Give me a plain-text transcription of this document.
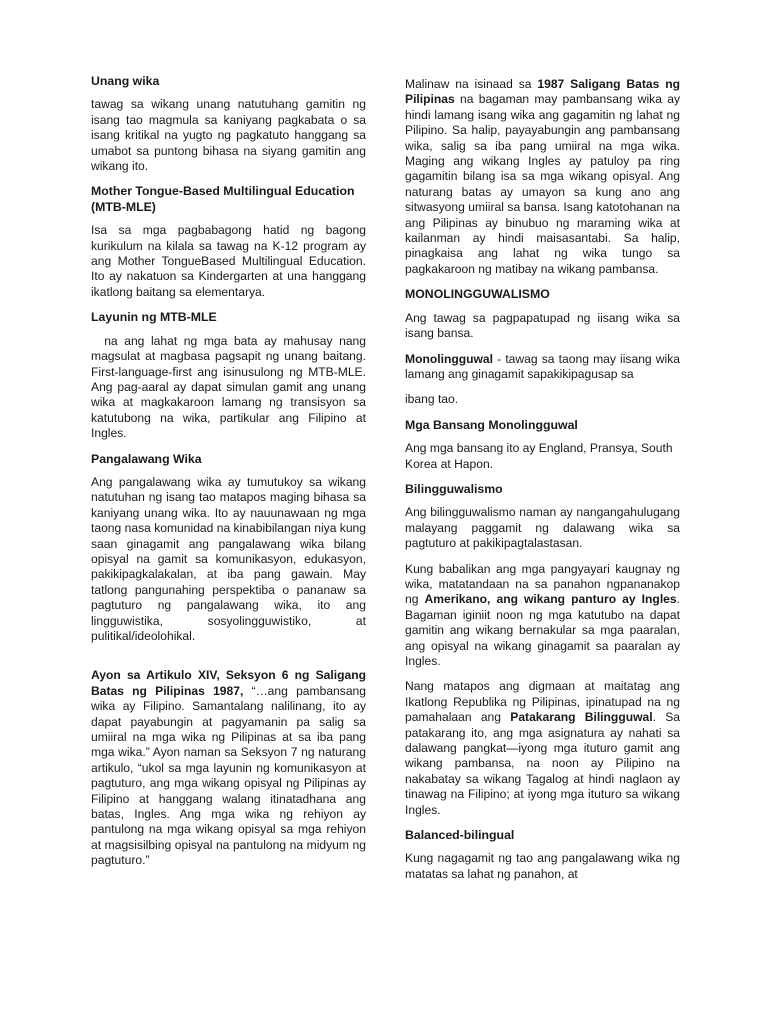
Unang wika
tawag sa wikang unang natutuhang gamitin ng isang tao magmula sa kaniyang pagkabata o sa isang kritikal na yugto ng pagkatuto hanggang sa umabot sa puntong bihasa na siyang gamitin ang wikang ito.
Mother Tongue-Based Multilingual Education (MTB-MLE)
Isa sa mga pagbabagong hatid ng bagong kurikulum na kilala sa tawag na K-12 program ay ang Mother TongueBased Multilingual Education. Ito ay nakatuon sa Kindergarten at una hanggang ikatlong baitang sa elementarya.
Layunin ng MTB-MLE
na ang lahat ng mga bata ay mahusay nang magsulat at magbasa pagsapit ng unang baitang. First-language-first ang isinusulong ng MTB-MLE. Ang pag-aaral ay dapat simulan gamit ang unang wika at magkakaroon lamang ng transisyon sa katutubong na wika, partikular ang Filipino at Ingles.
Pangalawang Wika
Ang pangalawang wika ay tumutukoy sa wikang natutuhan ng isang tao matapos maging bihasa sa kaniyang unang wika. Ito ay nauunawaan ng mga taong nasa komunidad na kinabibilangan niya kung saan ginagamit ang pangalawang wika bilang opisyal na gamit sa komunikasyon, edukasyon, pakikipagkalakalan, at iba pang gawain. May tatlong pangunahing perspektiba o pananaw sa pagtuturo ng pangalawang wika, ito ang lingguwistika, sosyolingguwistiko, at pulitikal/ideolohikal.
Ayon sa Artikulo XIV, Seksyon 6 ng Saligang Batas ng Pilipinas 1987, “…ang pambansang wika ay Filipino. Samantalang nalilinang, ito ay dapat payabungin at pagyamanin pa salig sa umiiral na mga wika ng Pilipinas at sa iba pang mga wika.” Ayon naman sa Seksyon 7 ng naturang artikulo, “ukol sa mga layunin ng komunikasyon at pagtuturo, ang mga wikang opisyal ng Pilipinas ay Filipino at hanggang walang itinatadhana ang batas, Ingles. Ang mga wika ng rehiyon ay pantulong na mga wikang opisyal sa mga rehiyon at magsisilbing opisyal na pantulong na midyum ng pagtuturo.”
Malinaw na isinaad sa 1987 Saligang Batas ng Pilipinas na bagaman may pambansang wika ay hindi lamang isang wika ang gagamitin ng lahat ng Pilipino. Sa halip, payayabungin ang pambansang wika, salig sa iba pang umiiral na mga wika. Maging ang wikang Ingles ay patuloy pa ring gagamitin bilang isa sa mga wikang opisyal. Ang naturang batas ay umayon sa kung ano ang sitwasyong umiiral sa bansa. Isang katotohanan na ang Pilipinas ay binubuo ng maraming wika at kailanman ay hindi maisasantabi. Sa halip, pinagkaisa ang lahat ng wika tungo sa pagkakaroon ng matibay na wikang pambansa.
MONOLINGGUWALISMO
Ang tawag sa pagpapatupad ng iisang wika sa isang bansa.
Monolingguwal - tawag sa taong may iisang wika lamang ang ginagamit sapakikipagusap sa
ibang tao.
Mga Bansang Monolingguwal
Ang mga bansang ito ay England, Pransya, South Korea at Hapon.
Bilingguwalismo
Ang bilingguwalismo naman ay nangangahulugang malayang paggamit ng dalawang wika sa pagtuturo at pakikipagtalastasan.
Kung babalikan ang mga pangyayari kaugnay ng wika, matatandaan na sa panahon ngpananakop ng Amerikano, ang wikang panturo ay Ingles. Bagaman iginiit noon ng mga katutubo na dapat gamitin ang wikang bernakular sa mga paaralan, ang opisyal na wikang ginagamit sa paaralan ay Ingles.
Nang matapos ang digmaan at maitatag ang Ikatlong Republika ng Pilipinas, ipinatupad na ng pamahalaan ang Patakarang Bilingguwal. Sa patakarang ito, ang mga asignatura ay nahati sa dalawang pangkat—iyong mga ituturo gamit ang wikang pambansa, na noon ay Pilipino na nakabatay sa wikang Tagalog at hindi naglaon ay tinawag na Filipino; at iyong mga ituturo sa wikang Ingles.
Balanced-bilingual
Kung nagagamit ng tao ang pangalawang wika ng matatas sa lahat ng panahon, at
